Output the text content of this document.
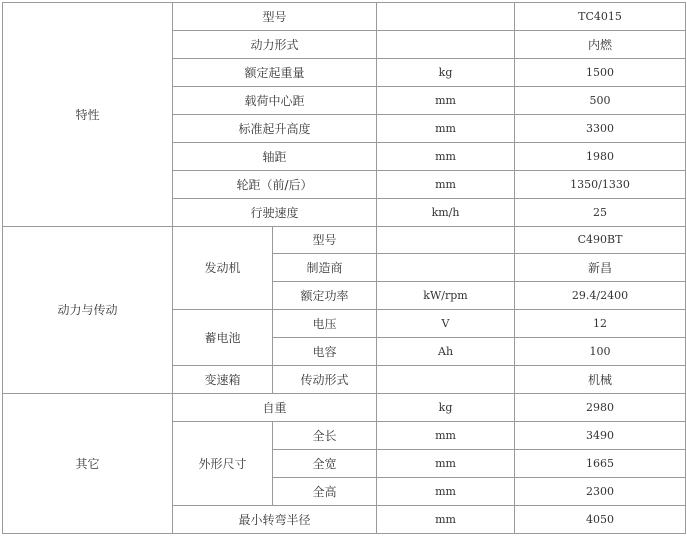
特性	型号			TC4015
	动力形式			内燃
	额定起重量		kg	1500
	载荷中心距		mm	500
	标准起升高度		mm	3300
	轴距		mm	1980
	轮距（前/后）		mm	1350/1330
	行驶速度		km/h	25
动力与传动	发动机	型号		C490BT
		制造商		新昌
		额定功率	kW/rpm	29.4/2400
	蓄电池	电压	V	12
		电容	Ah	100
	变速箱	传动形式		机械
其它	自重		kg	2980
	外形尺寸	全长	mm	3490
		全宽	mm	1665
		全高	mm	2300
	最小转弯半径		mm	4050
